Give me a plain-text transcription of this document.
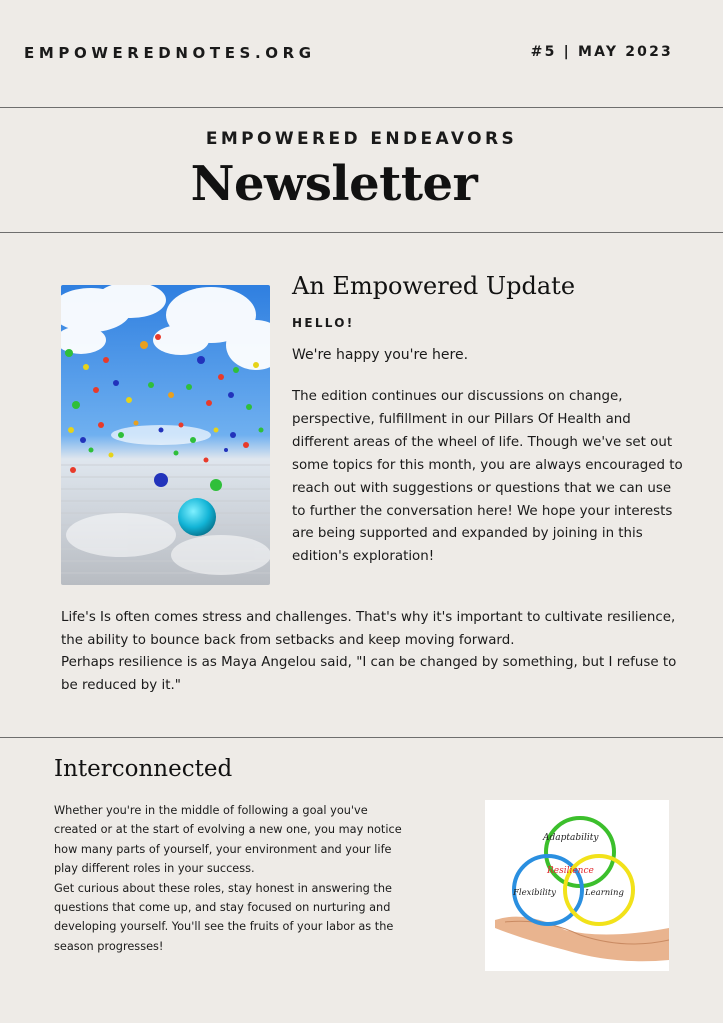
EMPOWEREDNOTES.ORG	#5 | MAY 2023
EMPOWERED ENDEAVORS
Newsletter
An Empowered Update
HELLO!
We're happy you're here.
The edition continues our discussions on change, perspective, fulfillment in our Pillars Of Health and different areas of the wheel of life. Though we've set out some topics for this month, you are always encouraged to reach out with suggestions or questions that we can use to further the conversation here! We hope your interests are being supported and expanded by joining in this edition's exploration!

Life's Is often comes stress and challenges. That's why it's important to cultivate resilience, the ability to bounce back from setbacks and keep moving forward.

Perhaps resilience is as Maya Angelou said, "I can be changed by something, but I refuse to be reduced by it."

Interconnected

Whether you're in the middle of following a goal you've created or at the start of evolving a new one, you may notice how many parts of yourself, your environment and your life play different roles in your success.

Get curious about these roles, stay honest in answering the questions that come up, and stay focused on nurturing and developing yourself. You'll see the fruits of your labor as the season progresses!

Adaptability
Resilience
Flexibility	Learning
